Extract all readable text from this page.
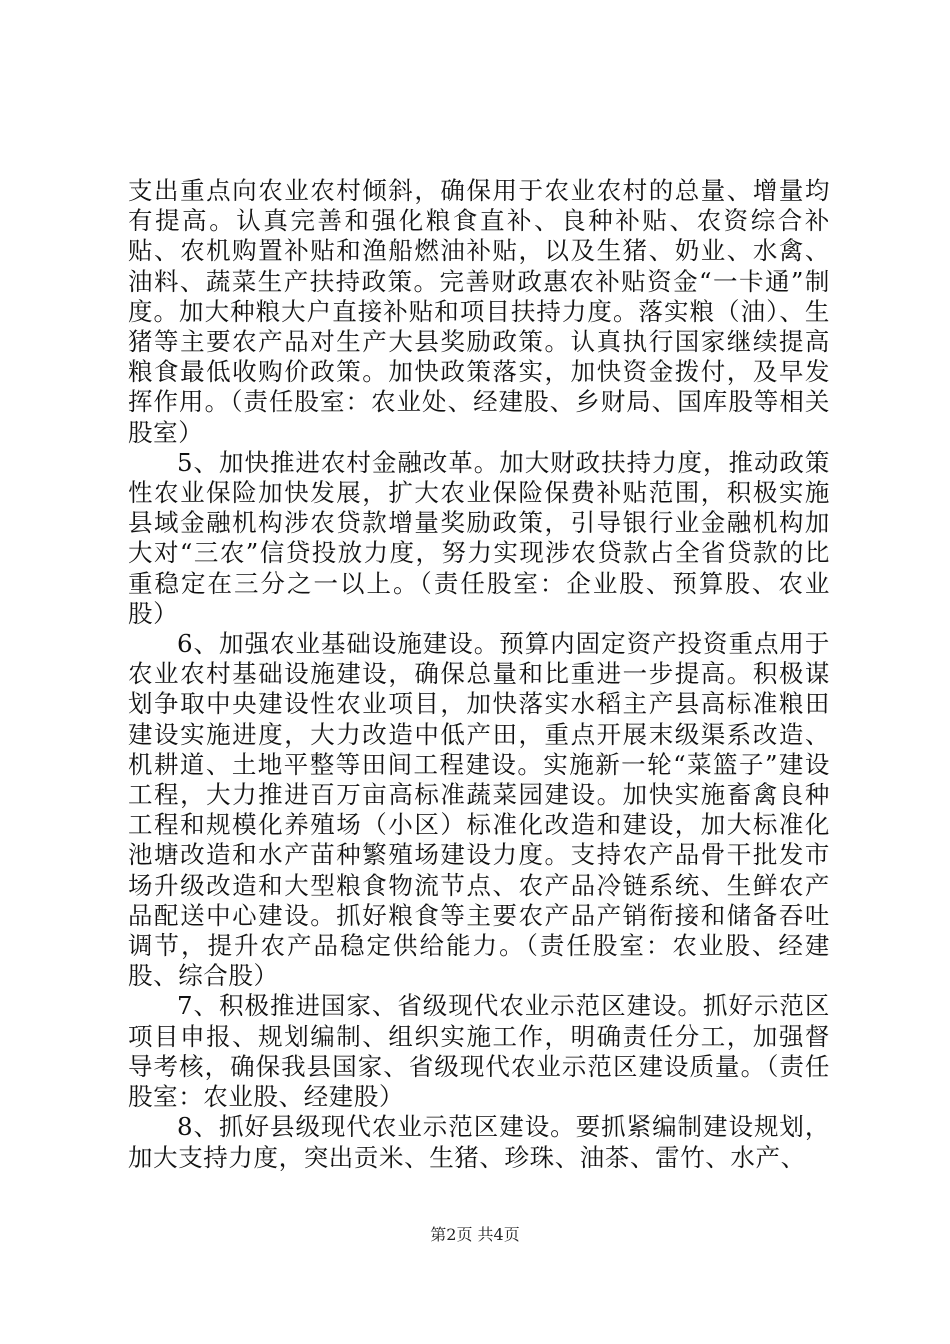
支出重点向农业农村倾斜，确保用于农业农村的总量、增量均有提高。认真完善和强化粮食直补、良种补贴、农资综合补贴、农机购置补贴和渔船燃油补贴，以及生猪、奶业、水禽、油料、蔬菜生产扶持政策。完善财政惠农补贴资金“一卡通”制度。加大种粮大户直接补贴和项目扶持力度。落实粮（油）、生猪等主要农产品对生产大县奖励政策。认真执行国家继续提高粮食最低收购价政策。加快政策落实，加快资金拨付，及早发挥作用。（责任股室：农业处、经建股、乡财局、国库股等相关股室）

5、加快推进农村金融改革。加大财政扶持力度，推动政策性农业保险加快发展，扩大农业保险保费补贴范围，积极实施县域金融机构涉农贷款增量奖励政策，引导银行业金融机构加大对“三农”信贷投放力度，努力实现涉农贷款占全省贷款的比重稳定在三分之一以上。（责任股室：企业股、预算股、农业股）

6、加强农业基础设施建设。预算内固定资产投资重点用于农业农村基础设施建设，确保总量和比重进一步提高。积极谋划争取中央建设性农业项目，加快落实水稻主产县高标准粮田建设实施进度，大力改造中低产田，重点开展末级渠系改造、机耕道、土地平整等田间工程建设。实施新一轮“菜篮子”建设工程，大力推进百万亩高标准蔬菜园建设。加快实施畜禽良种工程和规模化养殖场（小区）标准化改造和建设，加大标准化池塘改造和水产苗种繁殖场建设力度。支持农产品骨干批发市场升级改造和大型粮食物流节点、农产品冷链系统、生鲜农产品配送中心建设。抓好粮食等主要农产品产销衔接和储备吞吐调节，提升农产品稳定供给能力。（责任股室：农业股、经建股、综合股）

7、积极推进国家、省级现代农业示范区建设。抓好示范区项目申报、规划编制、组织实施工作，明确责任分工，加强督导考核，确保我县国家、省级现代农业示范区建设质量。（责任股室：农业股、经建股）

8、抓好县级现代农业示范区建设。要抓紧编制建设规划，加大支持力度，突出贡米、生猪、珍珠、油茶、雷竹、水产、

第2页 共4页
